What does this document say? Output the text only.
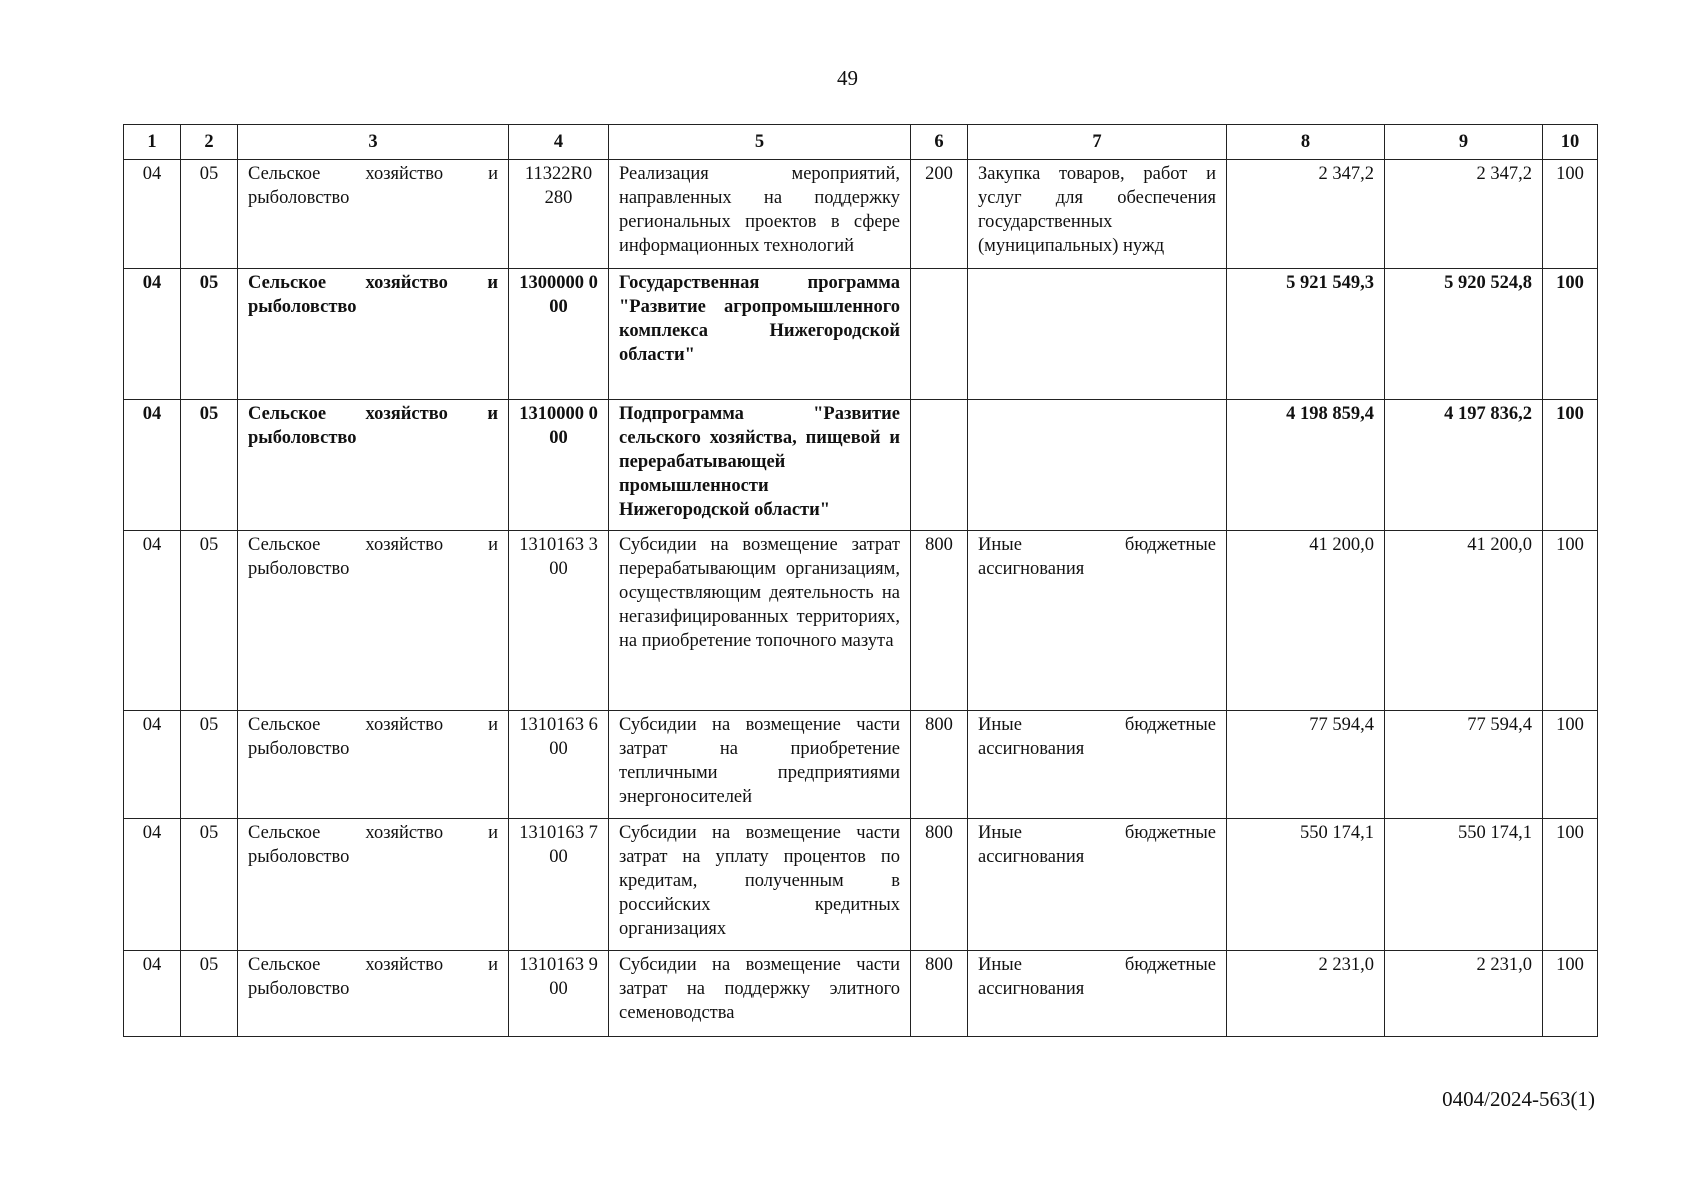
49
1	2	3	4	5	6	7	8	9	10
04	05	Сельское хозяйство и рыболовство	11322R0 280	Реализация мероприятий, направленных на поддержку региональных проектов в сфере информационных технологий	200	Закупка товаров, работ и услуг для обеспечения государственных (муниципальных) нужд	2 347,2	2 347,2	100
04	05	Сельское хозяйство и рыболовство	1300000 000	Государственная программа "Развитие агропромышленного комплекса Нижегородской области"			5 921 549,3	5 920 524,8	100
04	05	Сельское хозяйство и рыболовство	1310000 000	Подпрограмма "Развитие сельского хозяйства, пищевой и перерабатывающей промышленности Нижегородской области"			4 198 859,4	4 197 836,2	100
04	05	Сельское хозяйство и рыболовство	1310163 300	Субсидии на возмещение затрат перерабатывающим организациям, осуществляющим деятельность на негазифицированных территориях, на приобретение топочного мазута	800	Иные бюджетные ассигнования	41 200,0	41 200,0	100
04	05	Сельское хозяйство и рыболовство	1310163 600	Субсидии на возмещение части затрат на приобретение тепличными предприятиями энергоносителей	800	Иные бюджетные ассигнования	77 594,4	77 594,4	100
04	05	Сельское хозяйство и рыболовство	1310163 700	Субсидии на возмещение части затрат на уплату процентов по кредитам, полученным в российских кредитных организациях	800	Иные бюджетные ассигнования	550 174,1	550 174,1	100
04	05	Сельское хозяйство и рыболовство	1310163 900	Субсидии на возмещение части затрат на поддержку элитного семеноводства	800	Иные бюджетные ассигнования	2 231,0	2 231,0	100
0404/2024-563(1)
